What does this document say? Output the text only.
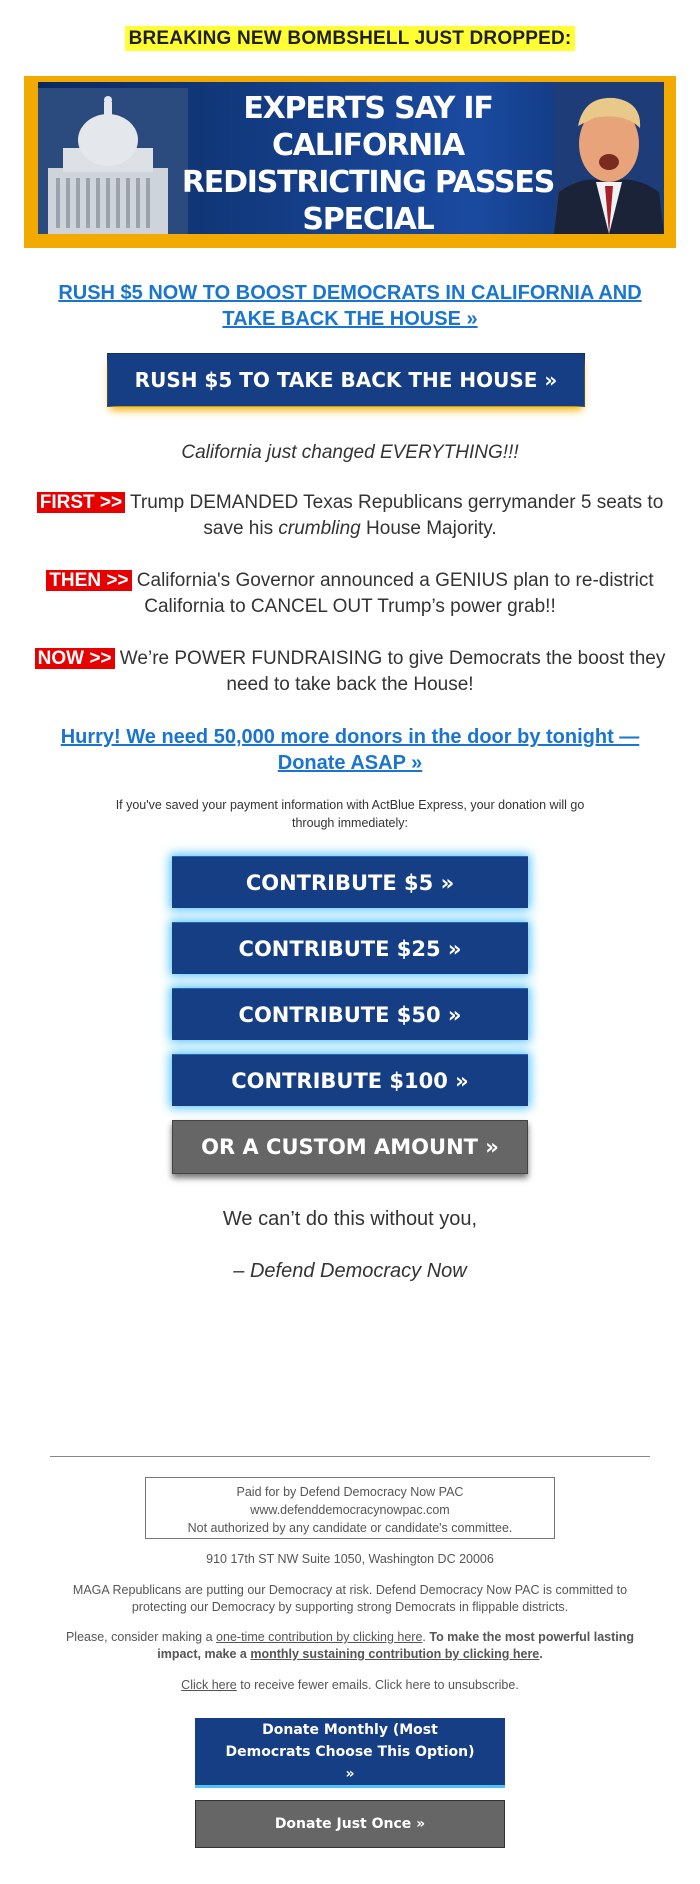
BREAKING NEW BOMBSHELL JUST DROPPED:
EXPERTS SAY IF CALIFORNIA
REDISTRICTING PASSES SPECIAL
RUSH $5 NOW TO BOOST DEMOCRATS IN CALIFORNIA AND TAKE BACK THE HOUSE »
RUSH $5 TO TAKE BACK THE HOUSE »
California just changed EVERYTHING!!!
FIRST >> Trump DEMANDED Texas Republicans gerrymander 5 seats to save his crumbling House Majority.
THEN >> California's Governor announced a GENIUS plan to re-district California to CANCEL OUT Trump’s power grab!!
NOW >> We’re POWER FUNDRAISING to give Democrats the boost they need to take back the House!
Hurry! We need 50,000 more donors in the door by tonight — Donate ASAP »
If you've saved your payment information with ActBlue Express, your donation will go through immediately:
CONTRIBUTE $5 »
CONTRIBUTE $25 »
CONTRIBUTE $50 »
CONTRIBUTE $100 »
OR A CUSTOM AMOUNT »
We can’t do this without you,
– Defend Democracy Now
Paid for by Defend Democracy Now PAC
www.defenddemocracynowpac.com
Not authorized by any candidate or candidate's committee.
910 17th ST NW Suite 1050, Washington DC 20006
MAGA Republicans are putting our Democracy at risk. Defend Democracy Now PAC is committed to protecting our Democracy by supporting strong Democrats in flippable districts.
Please, consider making a one-time contribution by clicking here. To make the most powerful lasting impact, make a monthly sustaining contribution by clicking here.
Click here to receive fewer emails. Click here to unsubscribe.
Donate Monthly (Most Democrats Choose This Option) »
Donate Just Once »
